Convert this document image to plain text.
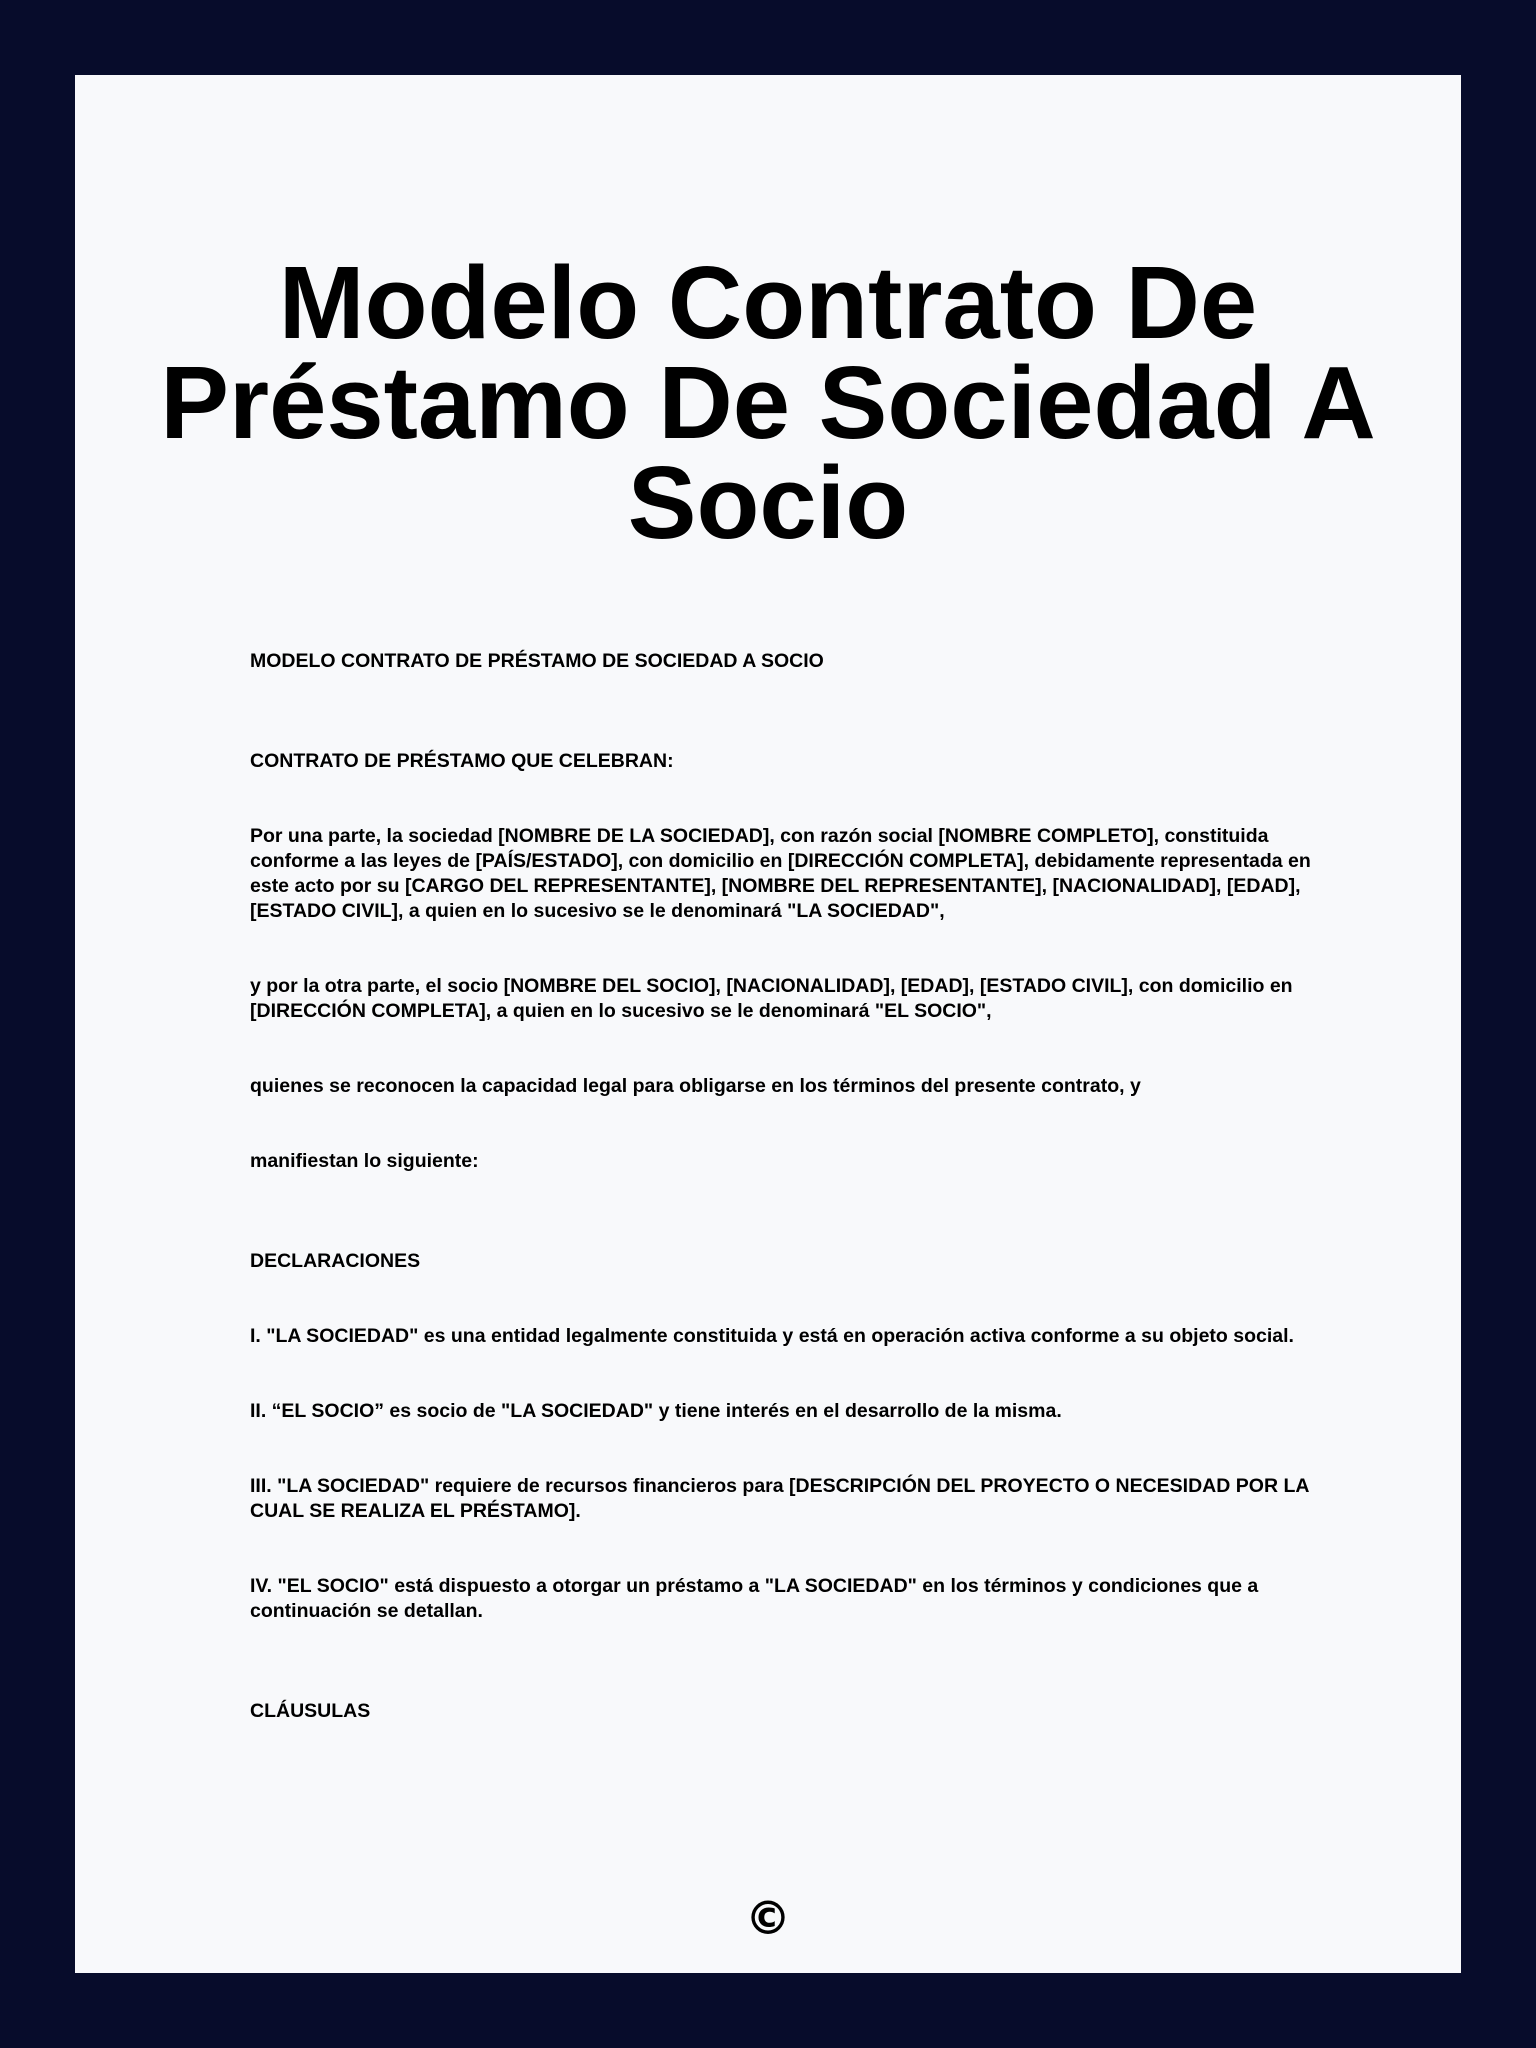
Modelo Contrato De Préstamo De Sociedad A Socio

MODELO CONTRATO DE PRÉSTAMO DE SOCIEDAD A SOCIO

CONTRATO DE PRÉSTAMO QUE CELEBRAN:

Por una parte, la sociedad [NOMBRE DE LA SOCIEDAD], con razón social [NOMBRE COMPLETO], constituida conforme a las leyes de [PAÍS/ESTADO], con domicilio en [DIRECCIÓN COMPLETA], debidamente representada en este acto por su [CARGO DEL REPRESENTANTE], [NOMBRE DEL REPRESENTANTE], [NACIONALIDAD], [EDAD], [ESTADO CIVIL], a quien en lo sucesivo se le denominará "LA SOCIEDAD",

y por la otra parte, el socio [NOMBRE DEL SOCIO], [NACIONALIDAD], [EDAD], [ESTADO CIVIL], con domicilio en [DIRECCIÓN COMPLETA], a quien en lo sucesivo se le denominará "EL SOCIO",

quienes se reconocen la capacidad legal para obligarse en los términos del presente contrato, y

manifiestan lo siguiente:

DECLARACIONES

I. "LA SOCIEDAD" es una entidad legalmente constituida y está en operación activa conforme a su objeto social.

II. “EL SOCIO” es socio de "LA SOCIEDAD" y tiene interés en el desarrollo de la misma.

III. "LA SOCIEDAD" requiere de recursos financieros para [DESCRIPCIÓN DEL PROYECTO O NECESIDAD POR LA CUAL SE REALIZA EL PRÉSTAMO].

IV. "EL SOCIO" está dispuesto a otorgar un préstamo a "LA SOCIEDAD" en los términos y condiciones que a continuación se detallan.

CLÁUSULAS

©
